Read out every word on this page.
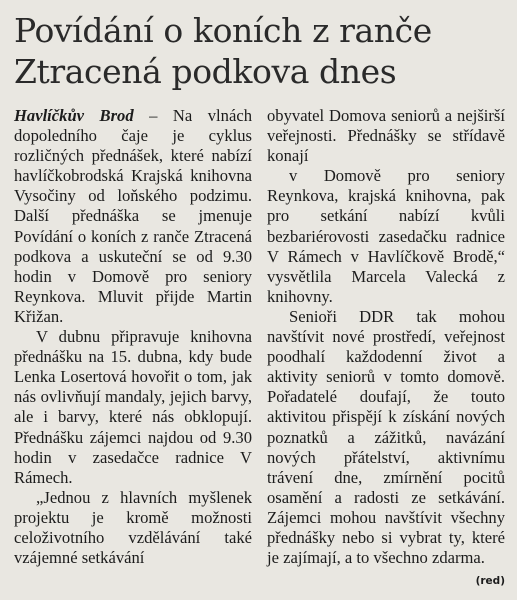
Povídání o koních z ranče
Ztracená podkova dnes

Havlíčkův Brod – Na vlnách dopoledního čaje je cyklus rozličných přednášek, které nabízí havlíčkobrodská Krajská knihovna Vysočiny od loňského podzimu. Další přednáška se jmenuje Povídání o koních z ranče Ztracená podkova a uskuteční se od 9.30 hodin v Domově pro seniory Reynkova. Mluvit přijde Martin Křižan.

V dubnu připravuje knihovna přednášku na 15. dubna, kdy bude Lenka Losertová hovořit o tom, jak nás ovlivňují mandaly, jejich barvy, ale i barvy, které nás obklopují. Přednášku zájemci najdou od 9.30 hodin v zasedačce radnice V Rámech.

„Jednou z hlavních myšlenek projektu je kromě možnosti celoživotního vzdělávání také vzájemné setkávání

obyvatel Domova seniorů a nejširší veřejnosti. Přednášky se střídavě konají

v Domově pro seniory Reynkova, krajská knihovna, pak pro setkání nabízí kvůli bezbariérovosti zasedačku radnice V Rámech v Havlíčkově Brodě,“ vysvětlila Marcela Valecká z knihovny.

Senioři DDR tak mohou navštívit nové prostředí, veřejnost poodhalí každodenní život a aktivity seniorů v tomto domově. Pořadatelé doufají, že touto aktivitou přispějí k získání nových poznatků a zážitků, navázání nových přátelství, aktivnímu trávení dne, zmírnění pocitů osamění a radosti ze setkávání. Zájemci mohou navštívit všechny přednášky nebo si vybrat ty, které je zajímají, a to všechno zdarma.
(red)
